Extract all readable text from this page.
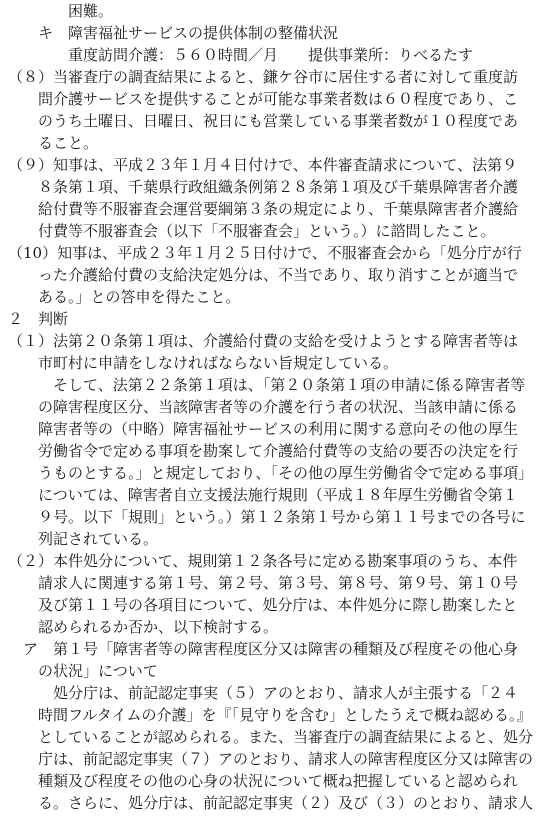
困難。
キ　障害福祉サービスの提供体制の整備状況
重度訪問介護：５６０時間／月　　提供事業所：りべるたす
（８）当審査庁の調査結果によると、鎌ケ谷市に居住する者に対して重度訪
問介護サービスを提供することが可能な事業者数は６０程度であり、こ
のうち土曜日、日曜日、祝日にも営業している事業者数が１０程度であ
ること。
（９）知事は、平成２３年１月４日付けで、本件審査請求について、法第９
８条第１項、千葉県行政組織条例第２８条第１項及び千葉県障害者介護
給付費等不服審査会運営要綱第３条の規定により、千葉県障害者介護給
付費等不服審査会（以下「不服審査会」という。）に諮問したこと。
（10）知事は、平成２３年１月２５日付けで、不服審査会から「処分庁が行
った介護給付費の支給決定処分は、不当であり、取り消すことが適当で
ある。」との答申を得たこと。
２　判断
（１）法第２０条第１項は、介護給付費の支給を受けようとする障害者等は
市町村に申請をしなければならない旨規定している。
そして、法第２２条第１項は、「第２０条第１項の申請に係る障害者等
の障害程度区分、当該障害者等の介護を行う者の状況、当該申請に係る
障害者等の（中略）障害福祉サービスの利用に関する意向その他の厚生
労働省令で定める事項を勘案して介護給付費等の支給の要否の決定を行
うものとする。」と規定しており、「その他の厚生労働省令で定める事項」
については、障害者自立支援法施行規則（平成１８年厚生労働省令第１
９号。以下「規則」という。）第１２条第１号から第１１号までの各号に
列記されている。
（２）本件処分について、規則第１２条各号に定める勘案事項のうち、本件
請求人に関連する第１号、第２号、第３号、第８号、第９号、第１０号
及び第１１号の各項目について、処分庁は、本件処分に際し勘案したと
認められるか否か、以下検討する。
ア　第１号「障害者等の障害程度区分又は障害の種類及び程度その他心身
の状況」について
処分庁は、前記認定事実（５）アのとおり、請求人が主張する「２４
時間フルタイムの介護」を『「見守りを含む」としたうえで概ね認める。』
としていることが認められる。また、当審査庁の調査結果によると、処分
庁は、前記認定事実（７）アのとおり、請求人の障害程度区分又は障害の
種類及び程度その他の心身の状況について概ね把握していると認められ
る。さらに、処分庁は、前記認定事実（２）及び（３）のとおり、請求人
